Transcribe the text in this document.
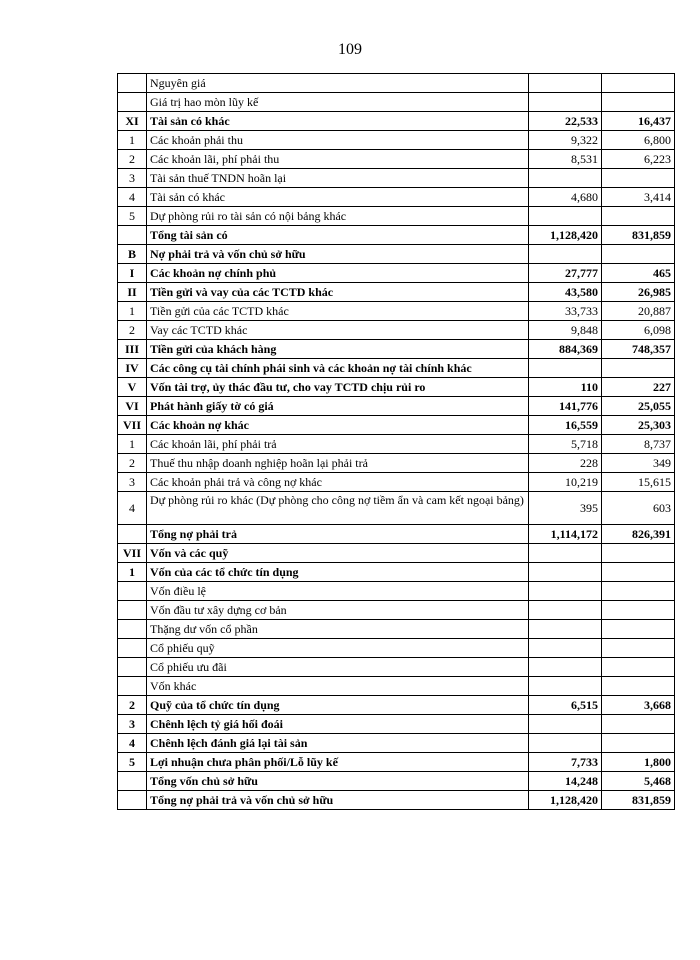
109
	Nguyên giá		
	Giá trị hao mòn lũy kế		
XI	Tài sản có khác	22,533	16,437
1	Các khoản phải thu	9,322	6,800
2	Các khoản lãi, phí phải thu	8,531	6,223
3	Tài sản thuế TNDN hoãn lại		
4	Tài sản có khác	4,680	3,414
5	Dự phòng rủi ro tài sản có nội bảng khác		
	Tổng tài sản có	1,128,420	831,859
B	Nợ phải trả và vốn chủ sở hữu		
I	Các khoản nợ chính phủ	27,777	465
II	Tiền gửi và vay của các TCTD khác	43,580	26,985
1	Tiền gửi của các TCTD khác	33,733	20,887
2	Vay các TCTD khác	9,848	6,098
III	Tiền gửi của khách hàng	884,369	748,357
IV	Các công cụ tài chính phái sinh và các khoản nợ tài chính khác		
V	Vốn tài trợ, ủy thác đầu tư, cho vay TCTD chịu rủi ro	110	227
VI	Phát hành giấy tờ có giá	141,776	25,055
VII	Các khoản nợ khác	16,559	25,303
1	Các khoản lãi, phí phải trả	5,718	8,737
2	Thuế thu nhập doanh nghiệp hoãn lại phải trả	228	349
3	Các khoản phải trả và công nợ khác	10,219	15,615
4	Dự phòng rủi ro khác (Dự phòng cho công nợ tiềm ẩn và cam kết ngoại bảng)	395	603
	Tổng nợ phải trả	1,114,172	826,391
VII	Vốn và các quỹ		
1	Vốn của các tổ chức tín dụng		
	Vốn điều lệ		
	Vốn đầu tư xây dựng cơ bản		
	Thặng dư vốn cổ phần		
	Cổ phiếu quỹ		
	Cổ phiếu ưu đãi		
	Vốn khác		
2	Quỹ của tổ chức tín dụng	6,515	3,668
3	Chênh lệch tỷ giá hối đoái		
4	Chênh lệch đánh giá lại tài sản		
5	Lợi nhuận chưa phân phối/Lỗ lũy kế	7,733	1,800
	Tổng vốn chủ sở hữu	14,248	5,468
	Tổng nợ phải trả và vốn chủ sở hữu	1,128,420	831,859
